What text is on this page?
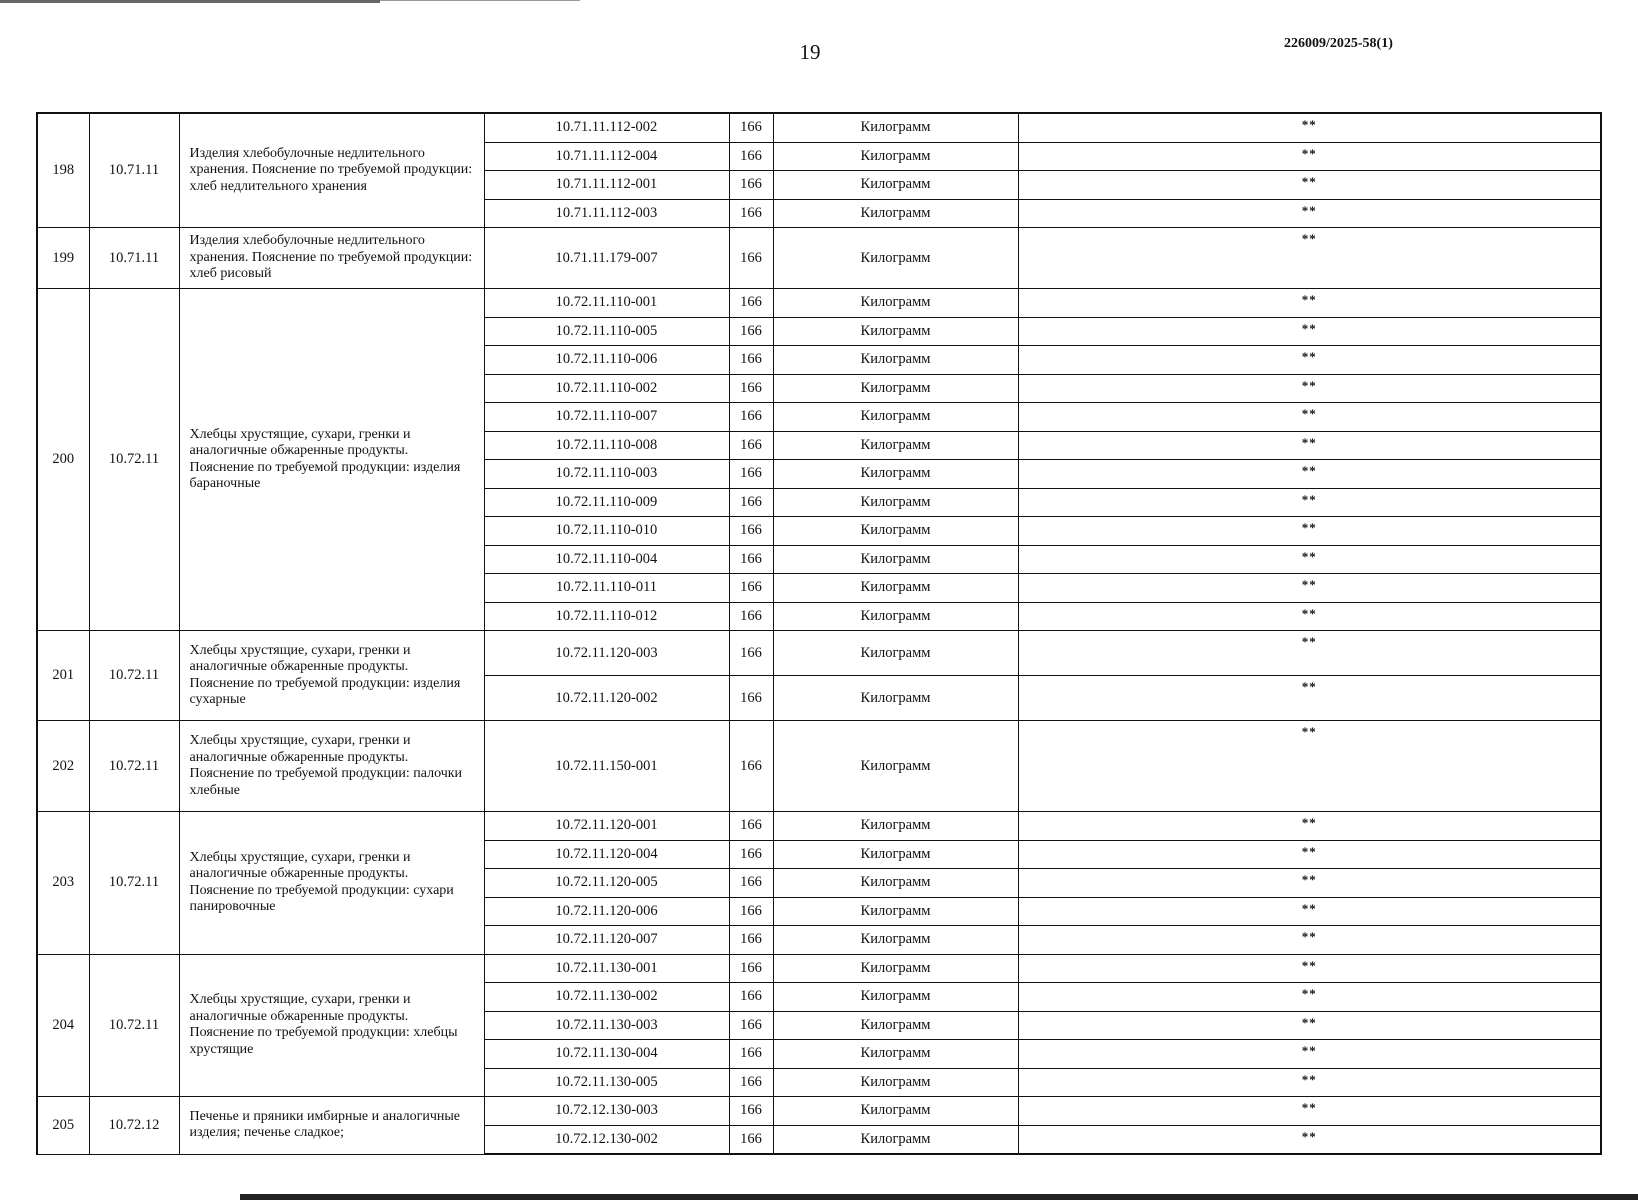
19	226009/2025-58(1)
198	10.71.11	Изделия хлебобулочные недлительного хранения. Пояснение по требуемой продукции: хлеб недлительного хранения	10.71.11.112-002	166	Килограмм	**
			10.71.11.112-004	166	Килограмм	**
			10.71.11.112-001	166	Килограмм	**
			10.71.11.112-003	166	Килограмм	**
199	10.71.11	Изделия хлебобулочные недлительного хранения. Пояснение по требуемой продукции: хлеб рисовый	10.71.11.179-007	166	Килограмм	**
200	10.72.11	Хлебцы хрустящие, сухари, гренки и аналогичные обжаренные продукты. Пояснение по требуемой продукции: изделия бараночные	10.72.11.110-001	166	Килограмм	**
			10.72.11.110-005	166	Килограмм	**
			10.72.11.110-006	166	Килограмм	**
			10.72.11.110-002	166	Килограмм	**
			10.72.11.110-007	166	Килограмм	**
			10.72.11.110-008	166	Килограмм	**
			10.72.11.110-003	166	Килограмм	**
			10.72.11.110-009	166	Килограмм	**
			10.72.11.110-010	166	Килограмм	**
			10.72.11.110-004	166	Килограмм	**
			10.72.11.110-011	166	Килограмм	**
			10.72.11.110-012	166	Килограмм	**
201	10.72.11	Хлебцы хрустящие, сухари, гренки и аналогичные обжаренные продукты. Пояснение по требуемой продукции: изделия сухарные	10.72.11.120-003	166	Килограмм	**
			10.72.11.120-002	166	Килограмм	**
202	10.72.11	Хлебцы хрустящие, сухари, гренки и аналогичные обжаренные продукты. Пояснение по требуемой продукции: палочки хлебные	10.72.11.150-001	166	Килограмм	**
203	10.72.11	Хлебцы хрустящие, сухари, гренки и аналогичные обжаренные продукты. Пояснение по требуемой продукции: сухари панировочные	10.72.11.120-001	166	Килограмм	**
			10.72.11.120-004	166	Килограмм	**
			10.72.11.120-005	166	Килограмм	**
			10.72.11.120-006	166	Килограмм	**
			10.72.11.120-007	166	Килограмм	**
204	10.72.11	Хлебцы хрустящие, сухари, гренки и аналогичные обжаренные продукты. Пояснение по требуемой продукции: хлебцы хрустящие	10.72.11.130-001	166	Килограмм	**
			10.72.11.130-002	166	Килограмм	**
			10.72.11.130-003	166	Килограмм	**
			10.72.11.130-004	166	Килограмм	**
			10.72.11.130-005	166	Килограмм	**
205	10.72.12	Печенье и пряники имбирные и аналогичные изделия; печенье сладкое;	10.72.12.130-003	166	Килограмм	**
			10.72.12.130-002	166	Килограмм	**
